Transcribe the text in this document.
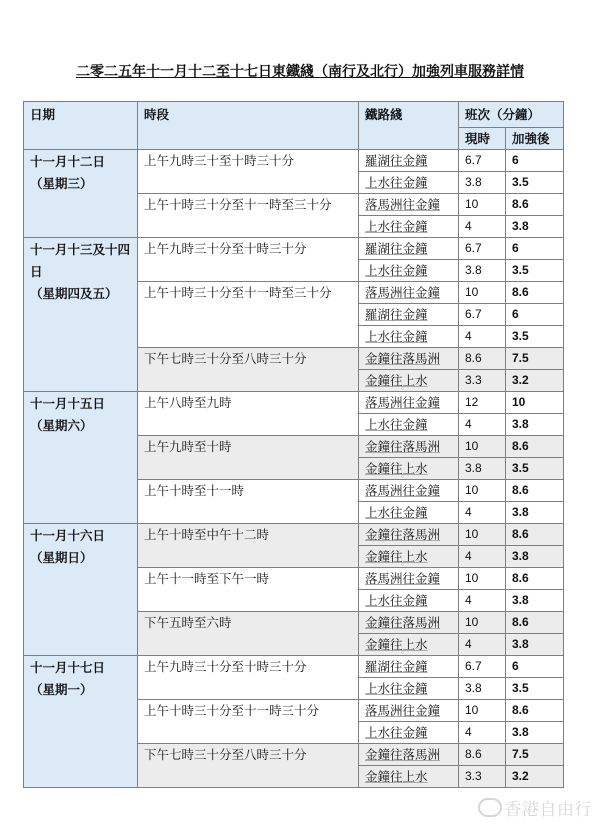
二零二五年十一月十二至十七日東鐵綫（南行及北行）加強列車服務詳情
日期	時段	鐵路綫	班次（分鐘）	
			現時	加強後

十一月十二日
（星期三）	上午九時三十至十時三十分	羅湖往金鐘	6.7	6
		上水往金鐘	3.8	3.5
	上午十時三十分至十一時至三十分	落馬洲往金鐘	10	8.6
		上水往金鐘	4	3.8

十一月十三及十四日
（星期四及五）	上午九時三十分至十時三十分	羅湖往金鐘	6.7	6
		上水往金鐘	3.8	3.5
	上午十時三十分至十一時至三十分	落馬洲往金鐘	10	8.6
		羅湖往金鐘	6.7	6
		上水往金鐘	4	3.5
	下午七時三十分至八時三十分	金鐘往落馬洲	8.6	7.5
		金鐘往上水	3.3	3.2

十一月十五日
（星期六）	上午八時至九時	落馬洲往金鐘	12	10
		上水往金鐘	4	3.8
	上午九時至十時	金鐘往落馬洲	10	8.6
		金鐘往上水	3.8	3.5
	上午十時至十一時	落馬洲往金鐘	10	8.6
		上水往金鐘	4	3.8

十一月十六日
（星期日）	上午十時至中午十二時	金鐘往落馬洲	10	8.6
		金鐘往上水	4	3.8
	上午十一時至下午一時	落馬洲往金鐘	10	8.6
		上水往金鐘	4	3.8
	下午五時至六時	金鐘往落馬洲	10	8.6
		金鐘往上水	4	3.8

十一月十七日
（星期一）	上午九時三十分至十時三十分	羅湖往金鐘	6.7	6
		上水往金鐘	3.8	3.5
	上午十時三十分至十一時三十分	落馬洲往金鐘	10	8.6
		上水往金鐘	4	3.8
	下午七時三十分至八時三十分	金鐘往落馬洲	8.6	7.5
		金鐘往上水	3.3	3.2
香港自由行
